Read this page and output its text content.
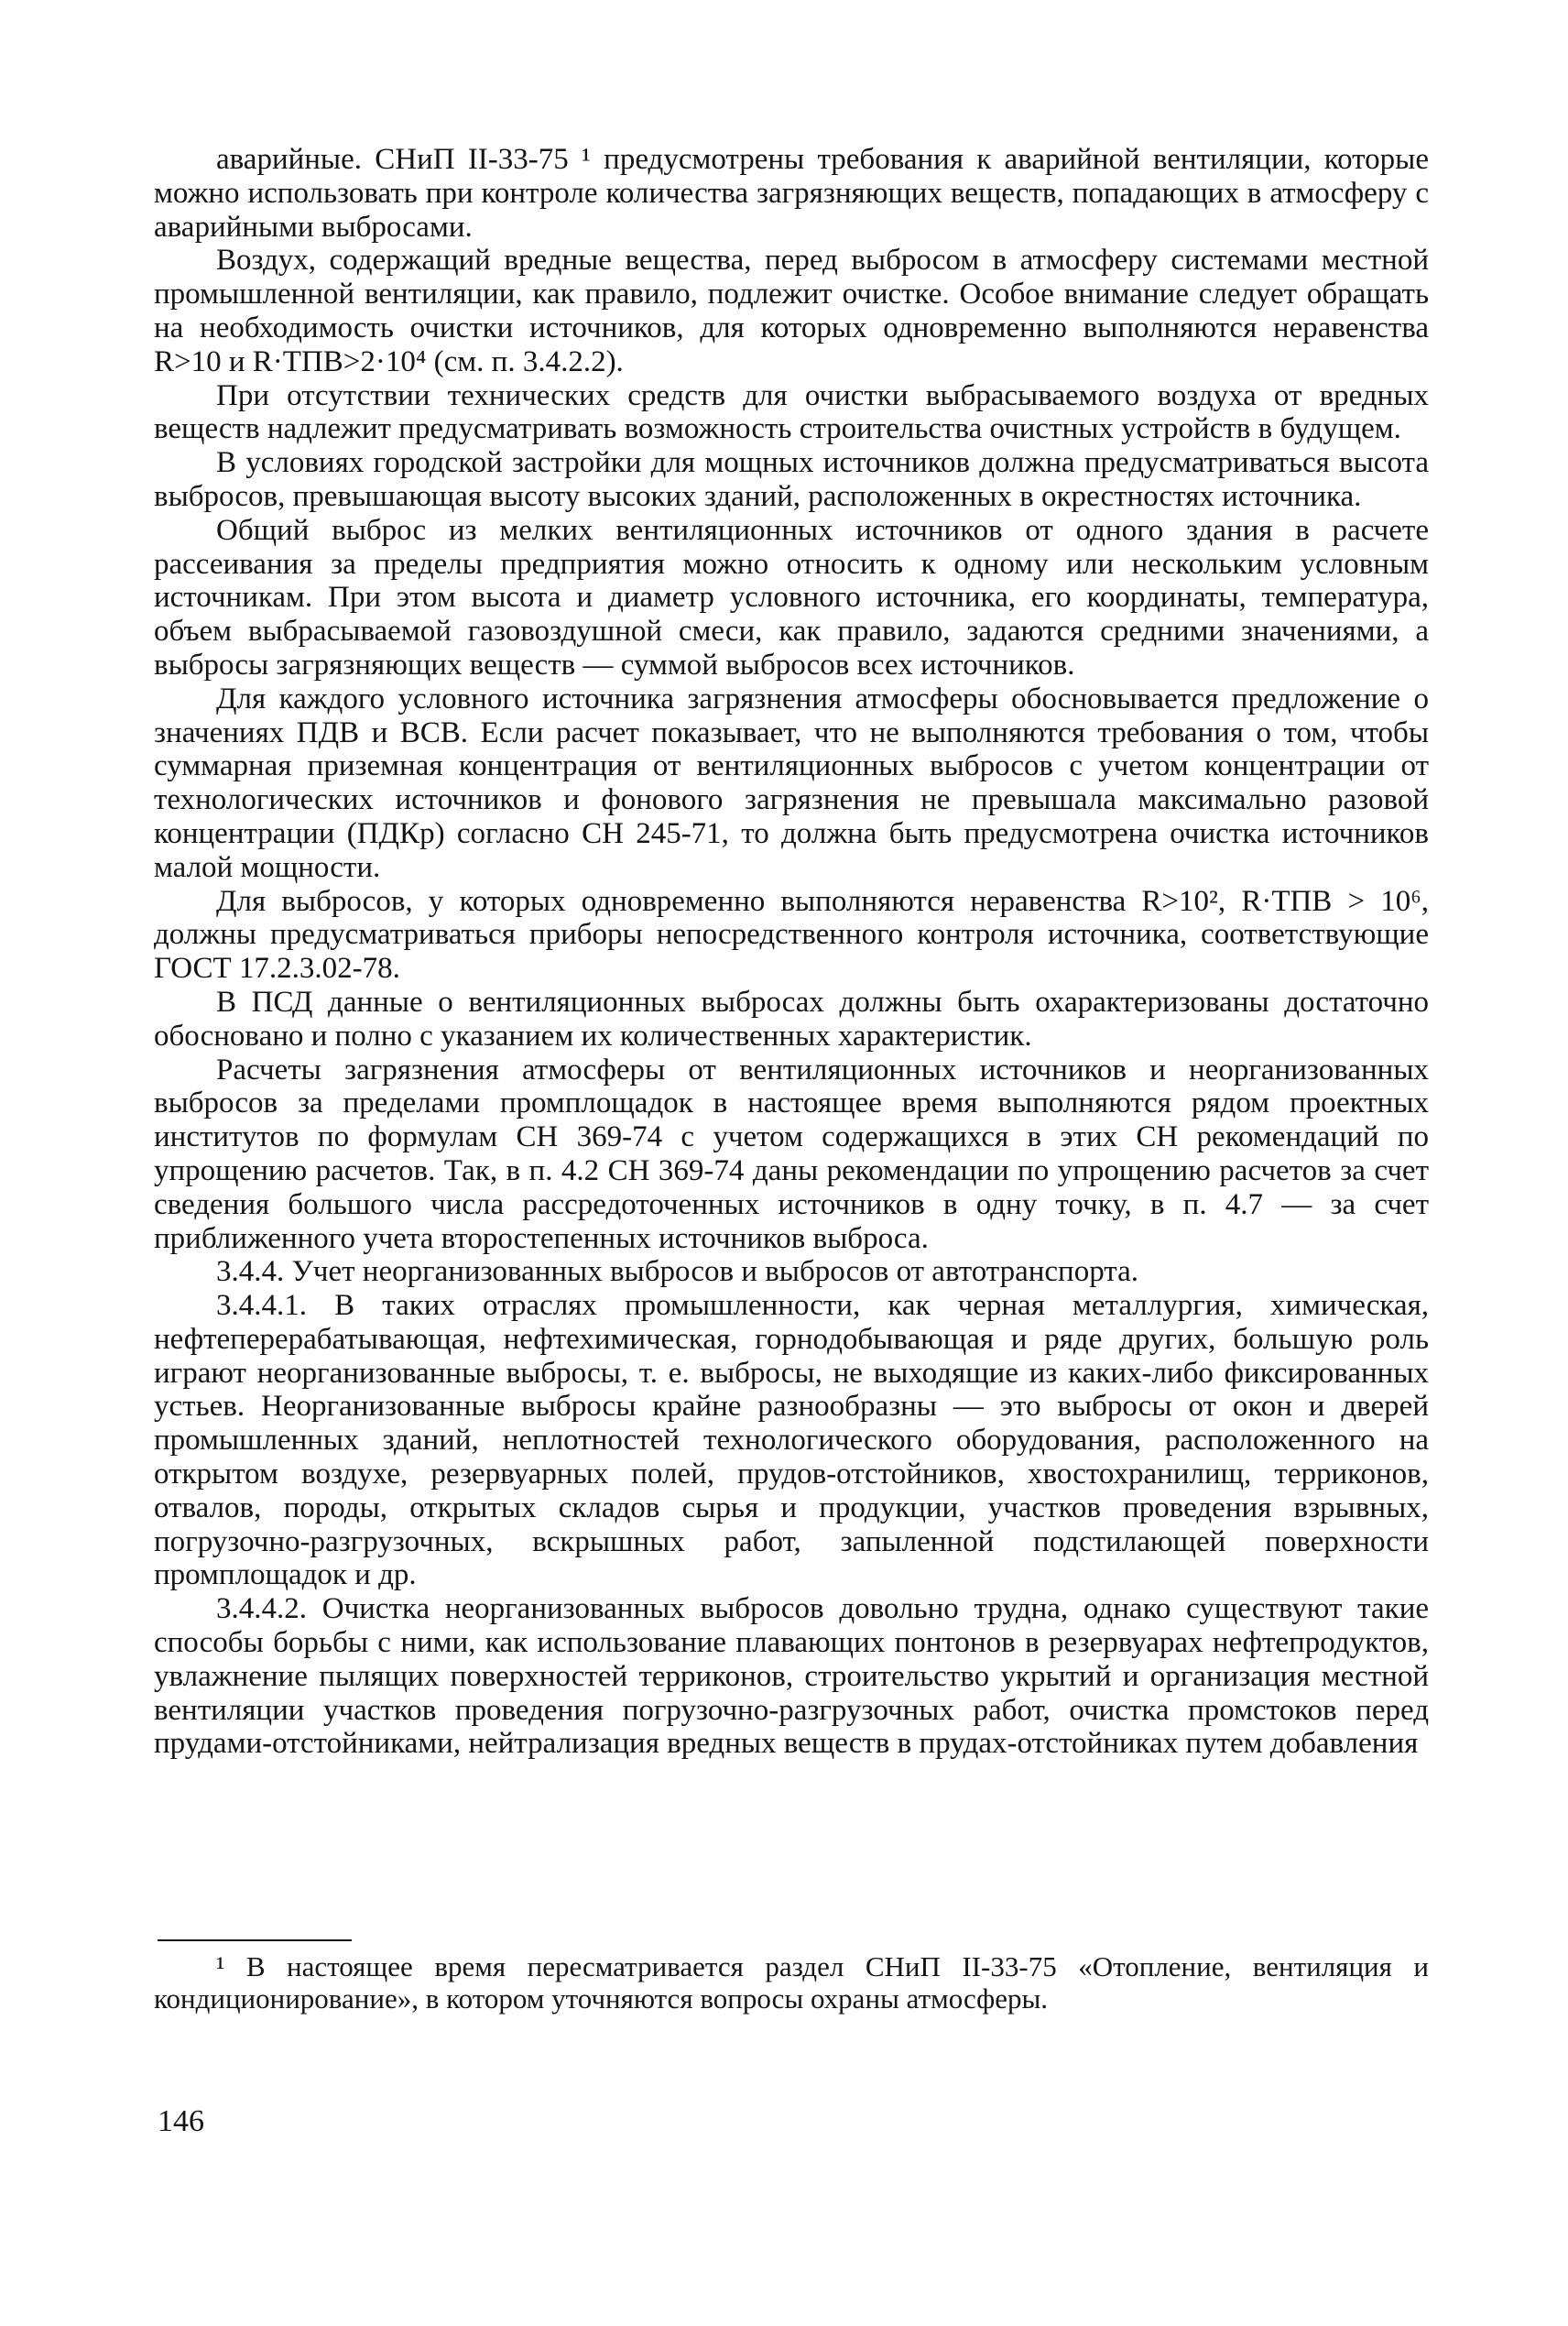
аварийные. СНиП II-33-75 ¹ предусмотрены требования к аварийной вентиляции, которые можно использовать при контроле количества загрязняющих веществ, попадающих в атмосферу с аварийными выбросами.

Воздух, содержащий вредные вещества, перед выбросом в атмосферу системами местной промышленной вентиляции, как правило, подлежит очистке. Особое внимание следует обращать на необходимость очистки источников, для которых одновременно выполняются неравенства R>10 и R·ТПВ>2·10⁴ (см. п. 3.4.2.2).

При отсутствии технических средств для очистки выбрасываемого воздуха от вредных веществ надлежит предусматривать возможность строительства очистных устройств в будущем.

В условиях городской застройки для мощных источников должна предусматриваться высота выбросов, превышающая высоту высоких зданий, расположенных в окрестностях источника.

Общий выброс из мелких вентиляционных источников от одного здания в расчете рассеивания за пределы предприятия можно относить к одному или нескольким условным источникам. При этом высота и диаметр условного источника, его координаты, температура, объем выбрасываемой газовоздушной смеси, как правило, задаются средними значениями, а выбросы загрязняющих веществ — суммой выбросов всех источников.

Для каждого условного источника загрязнения атмосферы обосновывается предложение о значениях ПДВ и ВСВ. Если расчет показывает, что не выполняются требования о том, чтобы суммарная приземная концентрация от вентиляционных выбросов с учетом концентрации от технологических источников и фонового загрязнения не превышала максимально разовой концентрации (ПДКр) согласно СН 245-71, то должна быть предусмотрена очистка источников малой мощности.

Для выбросов, у которых одновременно выполняются неравенства R>10², R·ТПВ > 10⁶, должны предусматриваться приборы непосредственного контроля источника, соответствующие ГОСТ 17.2.3.02-78.

В ПСД данные о вентиляционных выбросах должны быть охарактеризованы достаточно обосновано и полно с указанием их количественных характеристик.

Расчеты загрязнения атмосферы от вентиляционных источников и неорганизованных выбросов за пределами промплощадок в настоящее время выполняются рядом проектных институтов по формулам СН 369-74 с учетом содержащихся в этих СН рекомендаций по упрощению расчетов. Так, в п. 4.2 СН 369-74 даны рекомендации по упрощению расчетов за счет сведения большого числа рассредоточенных источников в одну точку, в п. 4.7 — за счет приближенного учета второстепенных источников выброса.

3.4.4. Учет неорганизованных выбросов и выбросов от автотранспорта.

3.4.4.1. В таких отраслях промышленности, как черная металлургия, химическая, нефтеперерабатывающая, нефтехимическая, горнодобывающая и ряде других, большую роль играют неорганизованные выбросы, т. е. выбросы, не выходящие из каких-либо фиксированных устьев. Неорганизованные выбросы крайне разнообразны — это выбросы от окон и дверей промышленных зданий, неплотностей технологического оборудования, расположенного на открытом воздухе, резервуарных полей, прудов-отстойников, хвостохранилищ, терриконов, отвалов, породы, открытых складов сырья и продукции, участков проведения взрывных, погрузочно-разгрузочных, вскрышных работ, запыленной подстилающей поверхности промплощадок и др.

3.4.4.2. Очистка неорганизованных выбросов довольно трудна, однако существуют такие способы борьбы с ними, как использование плавающих понтонов в резервуарах нефтепродуктов, увлажнение пылящих поверхностей терриконов, строительство укрытий и организация местной вентиляции участков проведения погрузочно-разгрузочных работ, очистка промстоков перед прудами-отстойниками, нейтрализация вредных веществ в прудах-отстойниках путем добавления

¹ В настоящее время пересматривается раздел СНиП II-33-75 «Отопление, вентиляция и кондиционирование», в котором уточняются вопросы охраны атмосферы.

146
